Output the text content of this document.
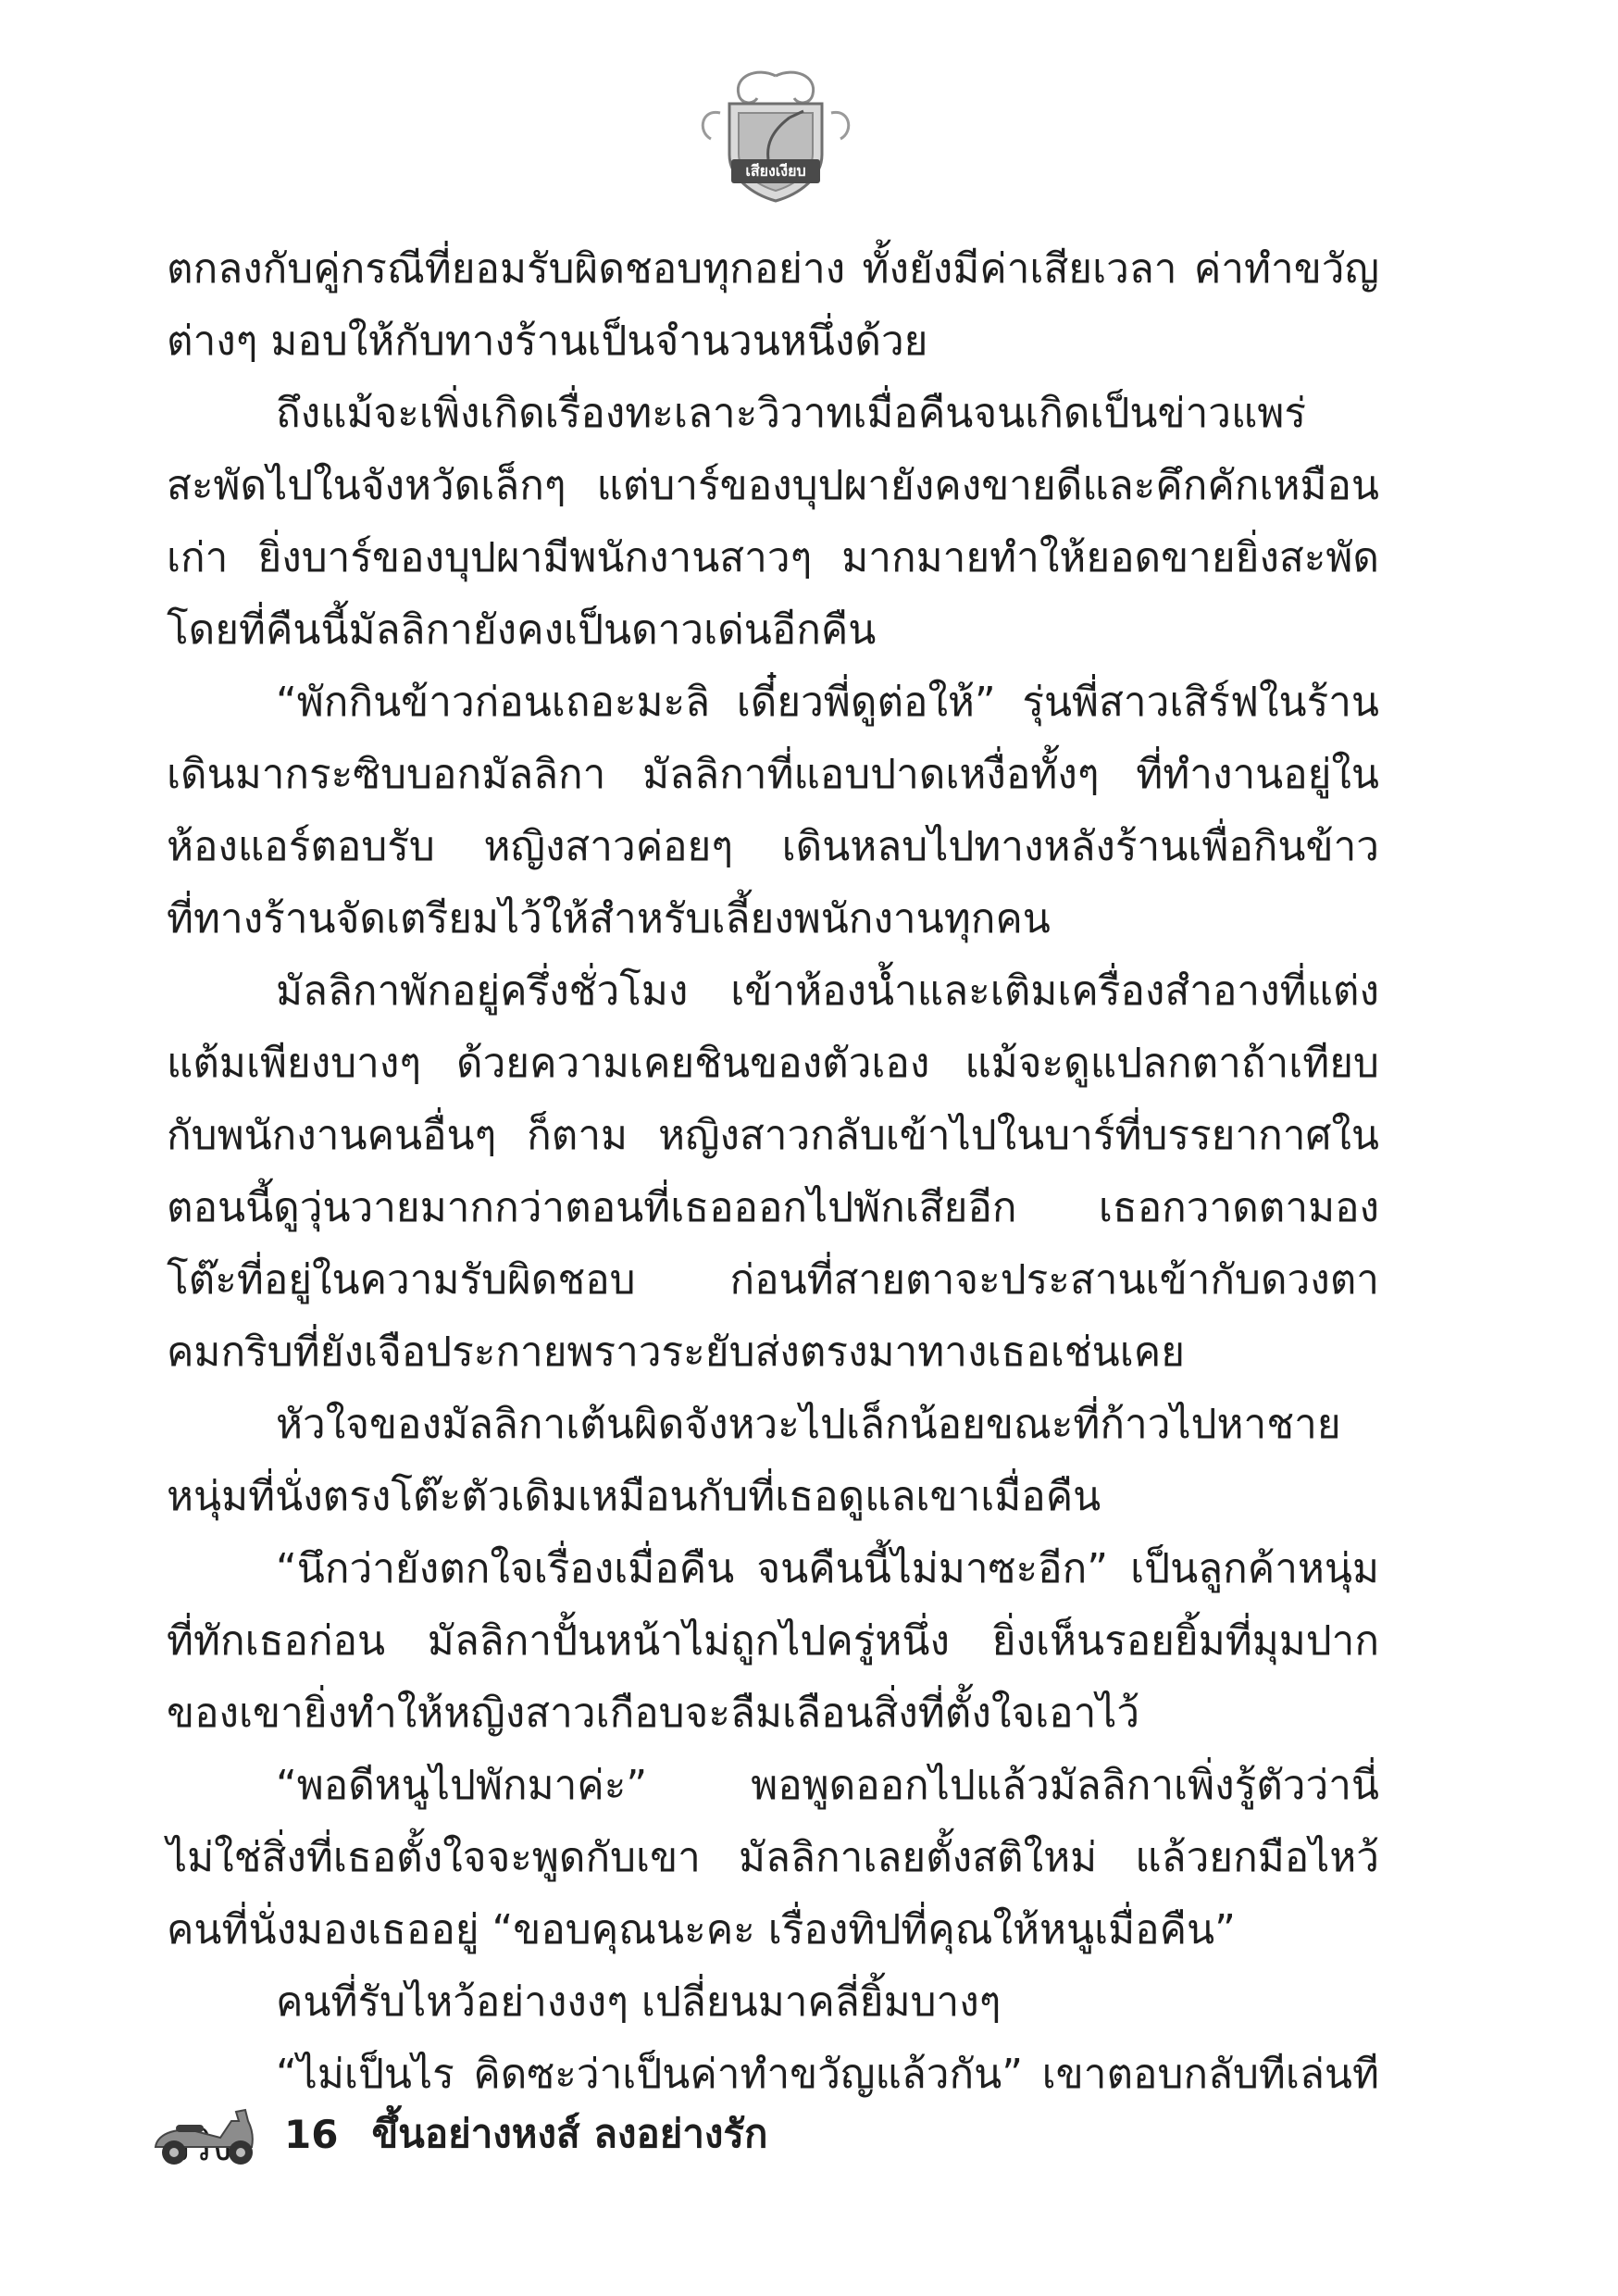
เสียงเงียบ

ตกลงกับคู่กรณีที่ยอมรับผิดชอบทุกอย่าง ทั้งยังมีค่าเสียเวลา ค่าทำขวัญต่างๆ มอบให้กับทางร้านเป็นจำนวนหนึ่งด้วย

ถึงแม้จะเพิ่งเกิดเรื่องทะเลาะวิวาทเมื่อคืนจนเกิดเป็นข่าวแพร่สะพัดไปในจังหวัดเล็กๆ แต่บาร์ของบุปผายังคงขายดีและคึกคักเหมือนเก่า ยิ่งบาร์ของบุปผามีพนักงานสาวๆ มากมายทำให้ยอดขายยิ่งสะพัด โดยที่คืนนี้มัลลิกายังคงเป็นดาวเด่นอีกคืน

“พักกินข้าวก่อนเถอะมะลิ เดี๋ยวพี่ดูต่อให้” รุ่นพี่สาวเสิร์ฟในร้านเดินมากระซิบบอกมัลลิกา มัลลิกาที่แอบปาดเหงื่อทั้งๆ ที่ทำงานอยู่ในห้องแอร์ตอบรับ หญิงสาวค่อยๆ เดินหลบไปทางหลังร้านเพื่อกินข้าวที่ทางร้านจัดเตรียมไว้ให้สำหรับเลี้ยงพนักงานทุกคน

มัลลิกาพักอยู่ครึ่งชั่วโมง เข้าห้องน้ำและเติมเครื่องสำอางที่แต่งแต้มเพียงบางๆ ด้วยความเคยชินของตัวเอง แม้จะดูแปลกตาถ้าเทียบกับพนักงานคนอื่นๆ ก็ตาม หญิงสาวกลับเข้าไปในบาร์ที่บรรยากาศในตอนนี้ดูวุ่นวายมากกว่าตอนที่เธอออกไปพักเสียอีก เธอกวาดตามองโต๊ะที่อยู่ในความรับผิดชอบ ก่อนที่สายตาจะประสานเข้ากับดวงตาคมกริบที่ยังเจือประกายพราวระยับส่งตรงมาทางเธอเช่นเคย

หัวใจของมัลลิกาเต้นผิดจังหวะไปเล็กน้อยขณะที่ก้าวไปหาชายหนุ่มที่นั่งตรงโต๊ะตัวเดิมเหมือนกับที่เธอดูแลเขาเมื่อคืน

“นึกว่ายังตกใจเรื่องเมื่อคืน จนคืนนี้ไม่มาซะอีก” เป็นลูกค้าหนุ่มที่ทักเธอก่อน มัลลิกาปั้นหน้าไม่ถูกไปครู่หนึ่ง ยิ่งเห็นรอยยิ้มที่มุมปากของเขายิ่งทำให้หญิงสาวเกือบจะลืมเลือนสิ่งที่ตั้งใจเอาไว้

“พอดีหนูไปพักมาค่ะ” พอพูดออกไปแล้วมัลลิกาเพิ่งรู้ตัวว่านี่ไม่ใช่สิ่งที่เธอตั้งใจจะพูดกับเขา มัลลิกาเลยตั้งสติใหม่ แล้วยกมือไหว้คนที่นั่งมองเธออยู่ “ขอบคุณนะคะ เรื่องทิปที่คุณให้หนูเมื่อคืน”

คนที่รับไหว้อย่างงงๆ เปลี่ยนมาคลี่ยิ้มบางๆ

“ไม่เป็นไร คิดซะว่าเป็นค่าทำขวัญแล้วกัน” เขาตอบกลับทีเล่นที

16 ขึ้นอย่างหงส์ ลงอย่างรัก
